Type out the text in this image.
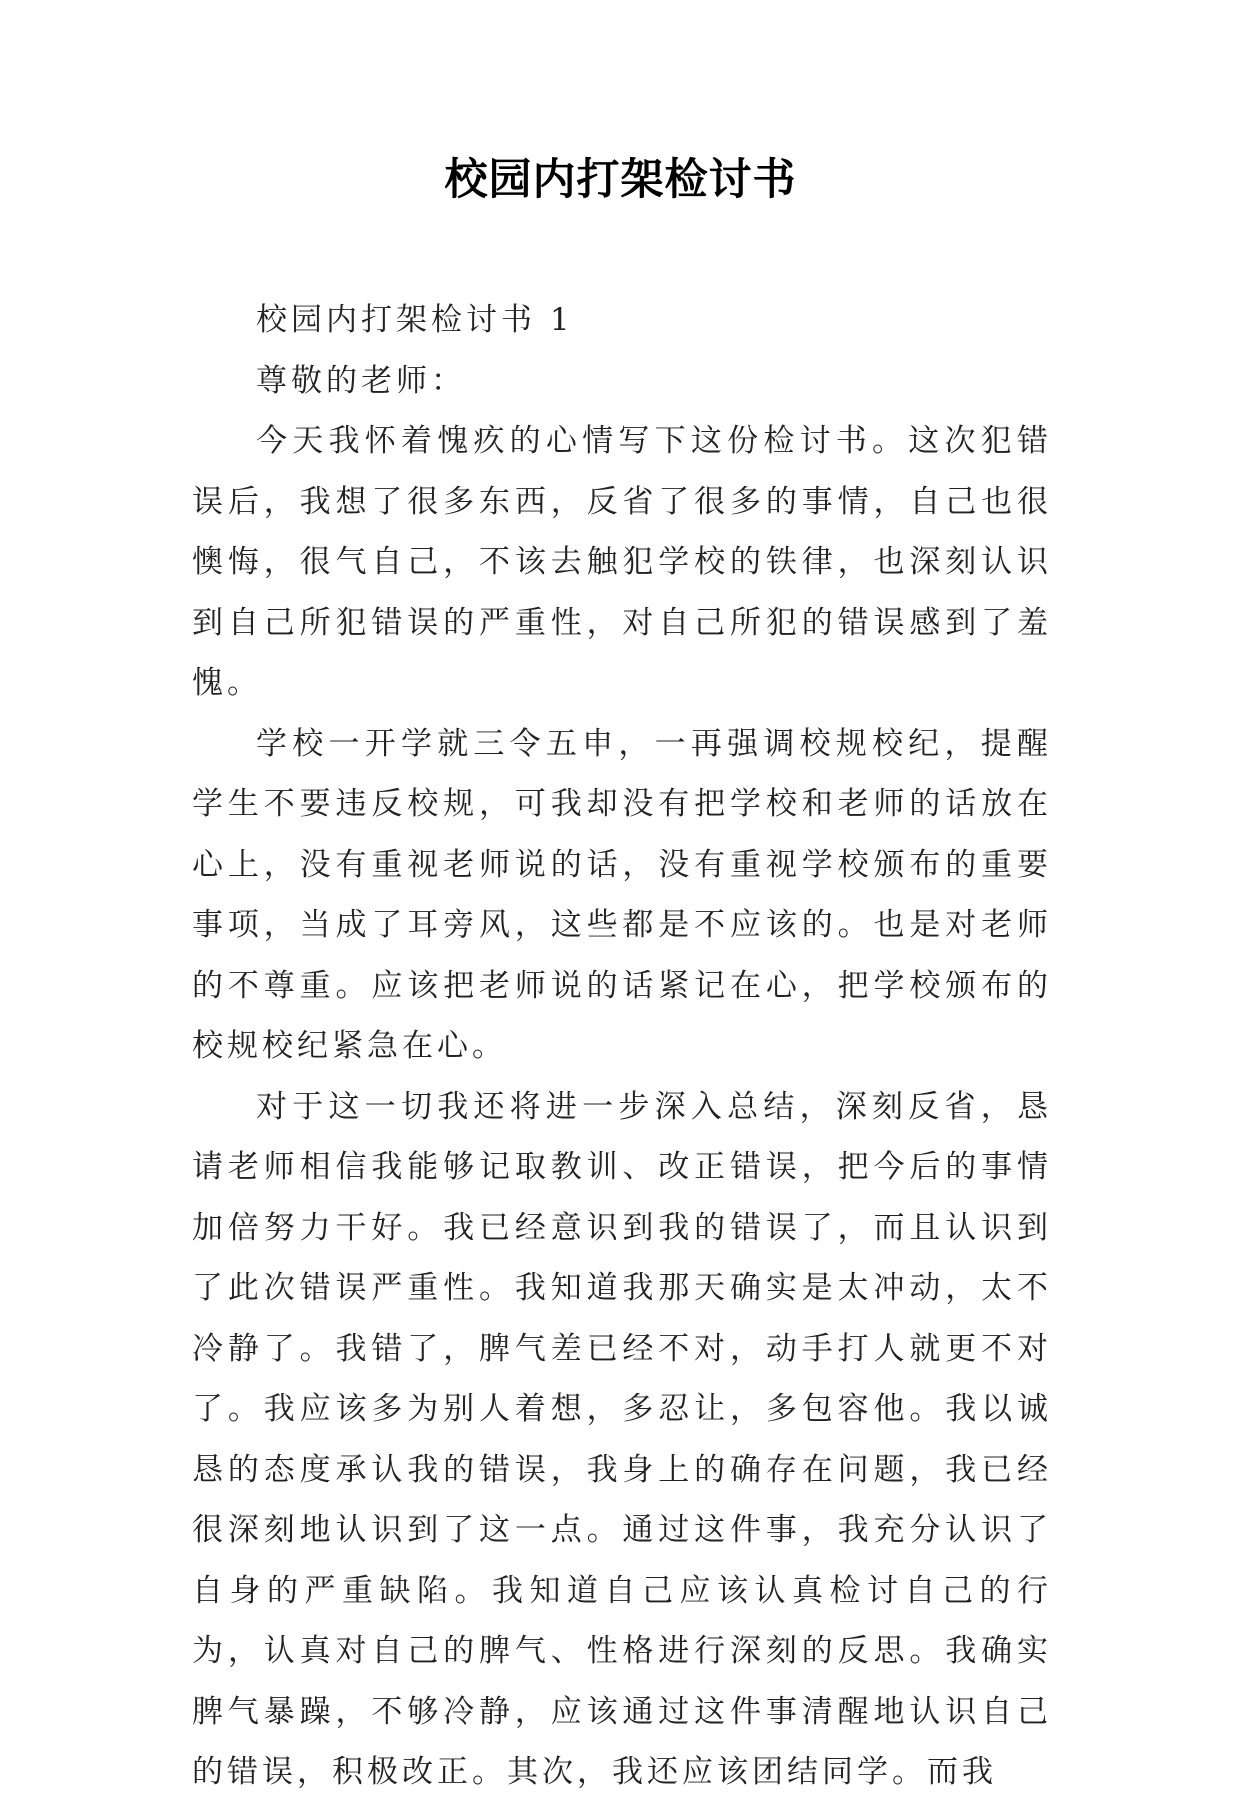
校园内打架检讨书

校园内打架检讨书 1

尊敬的老师：

今天我怀着愧疚的心情写下这份检讨书。这次犯错误后，我想了很多东西，反省了很多的事情，自己也很懊悔，很气自己，不该去触犯学校的铁律，也深刻认识到自己所犯错误的严重性，对自己所犯的错误感到了羞愧。

学校一开学就三令五申，一再强调校规校纪，提醒学生不要违反校规，可我却没有把学校和老师的话放在心上，没有重视老师说的话，没有重视学校颁布的重要事项，当成了耳旁风，这些都是不应该的。也是对老师的不尊重。应该把老师说的话紧记在心，把学校颁布的校规校纪紧急在心。

对于这一切我还将进一步深入总结，深刻反省，恳请老师相信我能够记取教训、改正错误，把今后的事情加倍努力干好。我已经意识到我的错误了，而且认识到了此次错误严重性。我知道我那天确实是太冲动，太不冷静了。我错了，脾气差已经不对，动手打人就更不对了。我应该多为别人着想，多忍让，多包容他。我以诚恳的态度承认我的错误，我身上的确存在问题，我已经很深刻地认识到了这一点。通过这件事，我充分认识了自身的严重缺陷。我知道自己应该认真检讨自己的行为，认真对自己的脾气、性格进行深刻的反思。我确实脾气暴躁，不够冷静，应该通过这件事清醒地认识自己的错误，积极改正。其次，我还应该团结同学。而我
